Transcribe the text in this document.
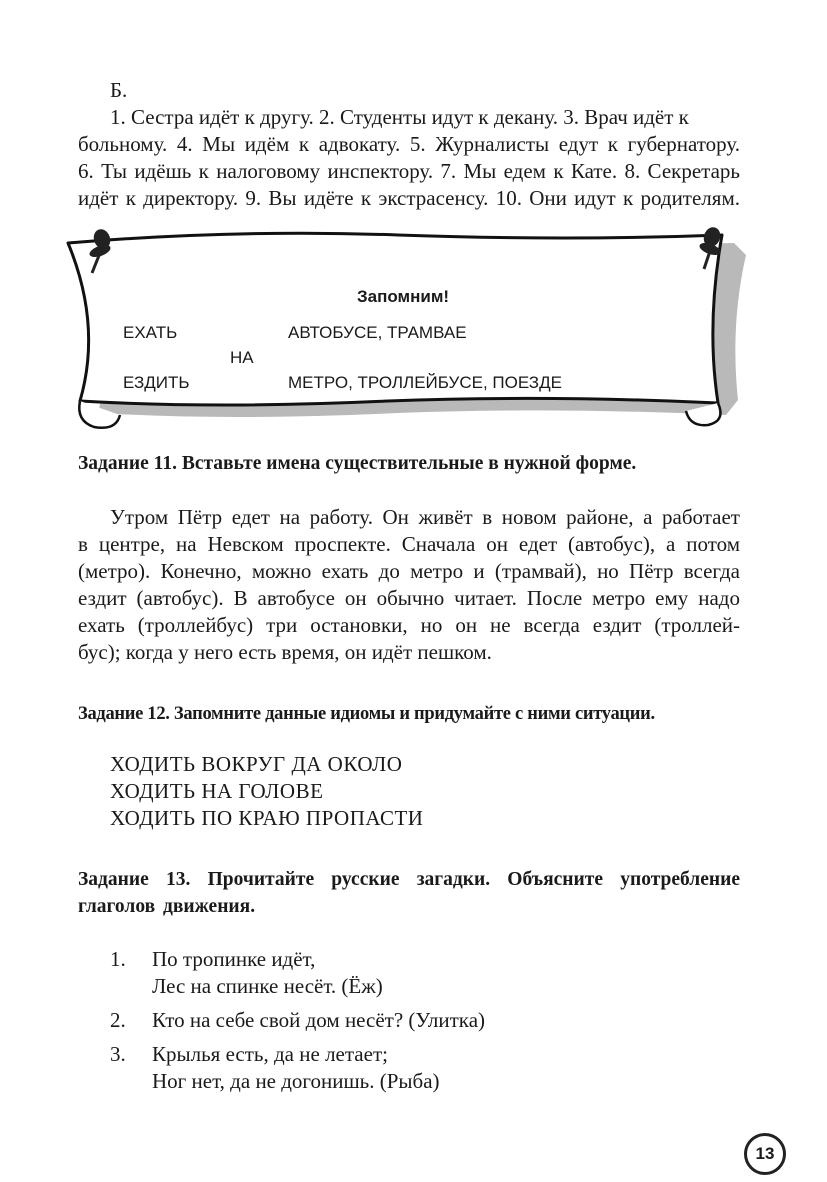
Б.
1. Сестра идёт к другу. 2. Студенты идут к декану. 3. Врач идёт к
больному. 4. Мы идём к адвокату. 5. Журналисты едут к губернатору.
6. Ты идёшь к налоговому инспектору. 7. Мы едем к Кате. 8. Секретарь
идёт к директору. 9. Вы идёте к экстрасенсу. 10. Они идут к родителям.
Запомним!
ЕХАТЬ	АВТОБУСЕ, ТРАМВАЕ
НА
ЕЗДИТЬ	МЕТРО, ТРОЛЛЕЙБУСЕ, ПОЕЗДЕ
Задание 11. Вставьте имена существительные в нужной форме.
Утром Пётр едет на работу. Он живёт в новом районе, а работает
в центре, на Невском проспекте. Сначала он едет (автобус), а потом
(метро). Конечно, можно ехать до метро и (трамвай), но Пётр всегда
ездит (автобус). В автобусе он обычно читает. После метро ему надо
ехать (троллейбус) три остановки, но он не всегда ездит (троллей-
бус); когда у него есть время, он идёт пешком.
Задание 12. Запомните данные идиомы и придумайте с ними ситуации.
ХОДИТЬ ВОКРУГ ДА ОКОЛО
ХОДИТЬ НА ГОЛОВЕ
ХОДИТЬ ПО КРАЮ ПРОПАСТИ
Задание 13. Прочитайте русские загадки. Объясните употребление
глаголов движения.
1. По тропинке идёт,
Лес на спинке несёт. (Ёж)
2. Кто на себе свой дом несёт? (Улитка)
3. Крылья есть, да не летает;
Ног нет, да не догонишь. (Рыба)
13
